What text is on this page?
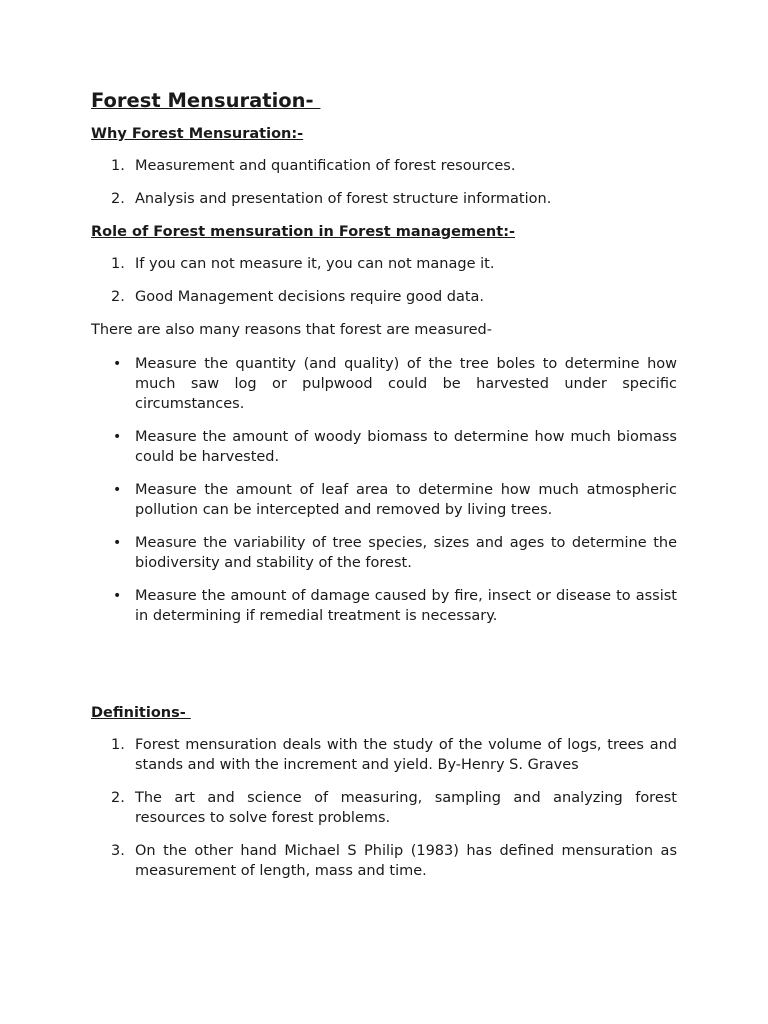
Forest Mensuration-
Why Forest Mensuration:-
1. Measurement and quantification of forest resources.
2. Analysis and presentation of forest structure information.
Role of Forest mensuration in Forest management:-
1. If you can not measure it, you can not manage it.
2. Good Management decisions require good data.
There are also many reasons that forest are measured-
• Measure the quantity (and quality) of the tree boles to determine how much saw log or pulpwood could be harvested under specific circumstances.
• Measure the amount of woody biomass to determine how much biomass could be harvested.
• Measure the amount of leaf area to determine how much atmospheric pollution can be intercepted and removed by living trees.
• Measure the variability of tree species, sizes and ages to determine the biodiversity and stability of the forest.
• Measure the amount of damage caused by fire, insect or disease to assist in determining if remedial treatment is necessary.
Definitions-
1. Forest mensuration deals with the study of the volume of logs, trees and stands and with the increment and yield. By-Henry S. Graves
2. The art and science of measuring, sampling and analyzing forest resources to solve forest problems.
3. On the other hand Michael S Philip (1983) has defined mensuration as measurement of length, mass and time.
